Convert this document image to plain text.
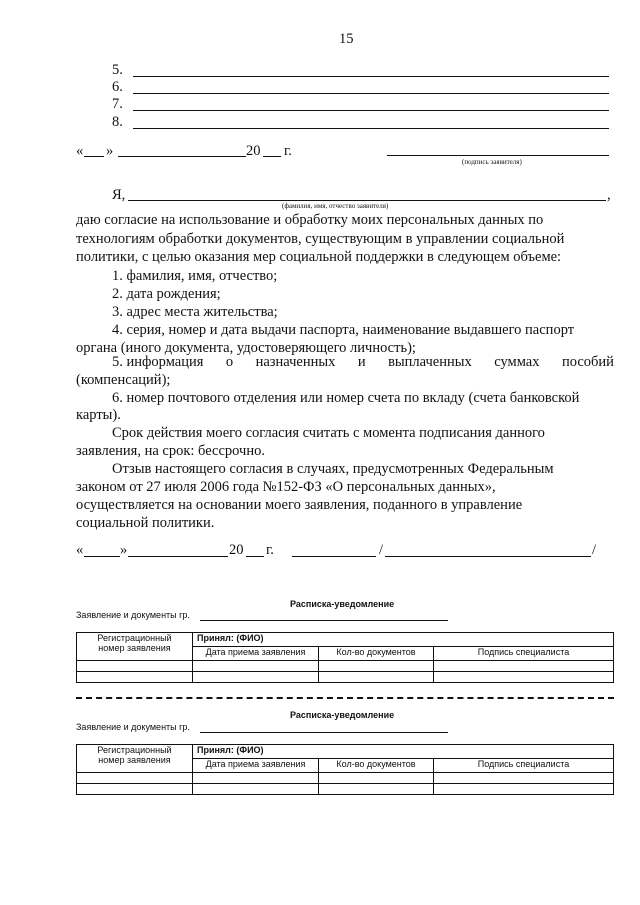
15
5.
6.
7.
8.
« »	20 г.
(подпись заявителя)
Я,	,
(фамилия, имя, отчество заявителя)
даю согласие на использование и обработку моих персональных данных по
технологиям обработки документов, существующим в управлении социальной
политики, с целью оказания мер социальной поддержки в следующем объеме:
1. фамилия, имя, отчество;
2. дата рождения;
3. адрес места жительства;
4. серия, номер и дата выдачи паспорта, наименование выдавшего паспорт
органа (иного документа, удостоверяющего личность);
5. информация о назначенных и выплаченных суммах пособий
(компенсаций);
6. номер почтового отделения или номер счета по вкладу (счета банковской
карты).
Срок действия моего согласия считать с момента подписания данного
заявления, на срок: бессрочно.
Отзыв настоящего согласия в случаях, предусмотренных Федеральным
законом от 27 июля 2006 года №152-ФЗ «О персональных данных»,
осуществляется на основании моего заявления, поданного в управление
социальной политики.
«	»	20 г.	/	/
Расписка-уведомление
Заявление и документы гр.
Регистрационный
номер заявления	Принял: (ФИО)		
	Дата приема заявления	Кол-во документов	Подпись специалиста

Расписка-уведомление
Заявление и документы гр.
Регистрационный
номер заявления	Принял: (ФИО)		
	Дата приема заявления	Кол-во документов	Подпись специалиста
